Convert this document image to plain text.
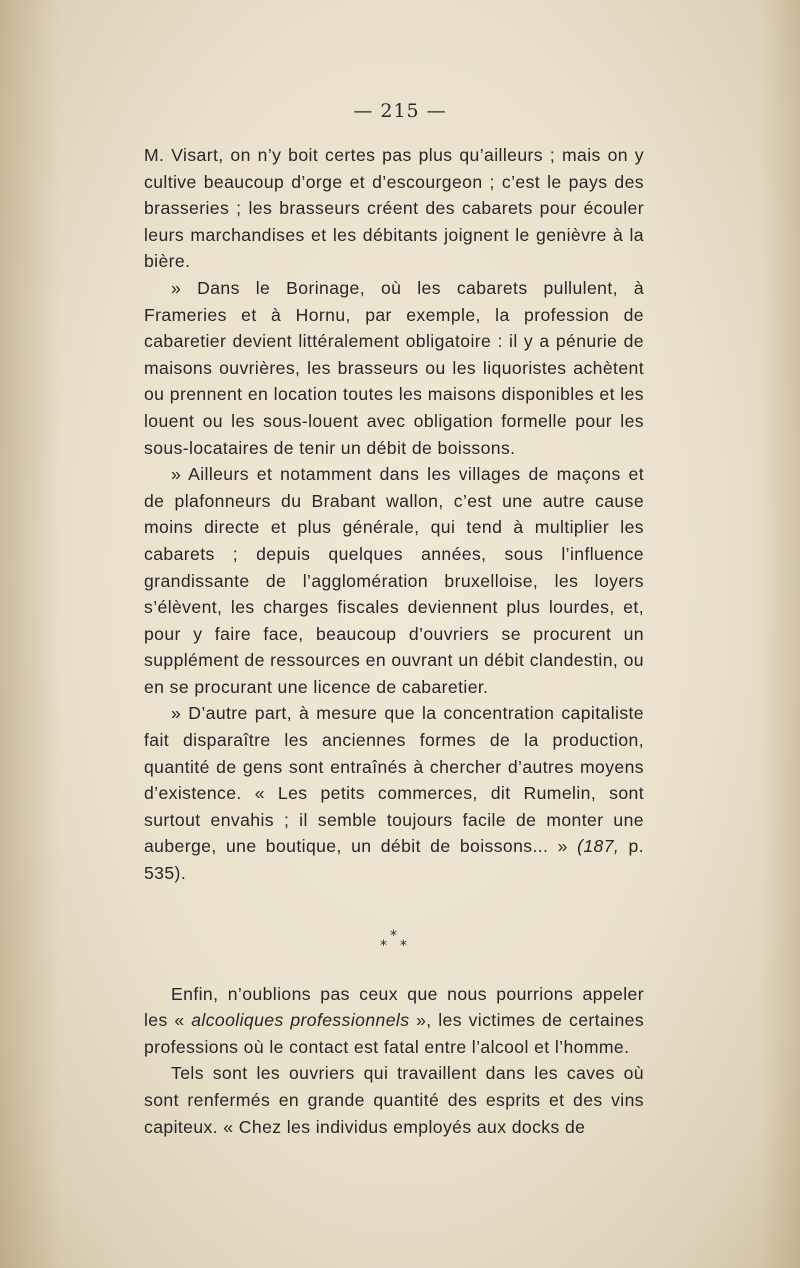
— 215 —

M. Visart, on n’y boit certes pas plus qu’ailleurs ; mais on y cultive beaucoup d’orge et d’escourgeon ; c’est le pays des brasseries ; les brasseurs créent des cabarets pour écouler leurs marchandises et les débitants joignent le genièvre à la bière.

» Dans le Borinage, où les cabarets pullulent, à Frameries et à Hornu, par exemple, la profession de cabaretier devient littéralement obligatoire : il y a pénurie de maisons ouvrières, les brasseurs ou les liquoristes achètent ou prennent en location toutes les maisons disponibles et les louent ou les sous-louent avec obligation formelle pour les sous-locataires de tenir un débit de boissons.

» Ailleurs et notamment dans les villages de maçons et de plafonneurs du Brabant wallon, c’est une autre cause moins directe et plus générale, qui tend à multiplier les cabarets ; depuis quelques années, sous l’influence grandissante de l’agglomération bruxelloise, les loyers s’élèvent, les charges fiscales deviennent plus lourdes, et, pour y faire face, beaucoup d’ouvriers se procurent un supplément de ressources en ouvrant un débit clandestin, ou en se procurant une licence de cabaretier.

» D’autre part, à mesure que la concentration capitaliste fait disparaître les anciennes formes de la production, quantité de gens sont entraînés à chercher d’autres moyens d’existence. « Les petits commerces, dit Rumelin, sont surtout envahis ; il semble toujours facile de monter une auberge, une boutique, un débit de boissons... » (187, p. 535).

*
* *

Enfin, n’oublions pas ceux que nous pourrions appeler les « alcooliques professionnels », les victimes de certaines professions où le contact est fatal entre l’alcool et l’homme.

Tels sont les ouvriers qui travaillent dans les caves où sont renfermés en grande quantité des esprits et des vins capiteux. « Chez les individus employés aux docks de
